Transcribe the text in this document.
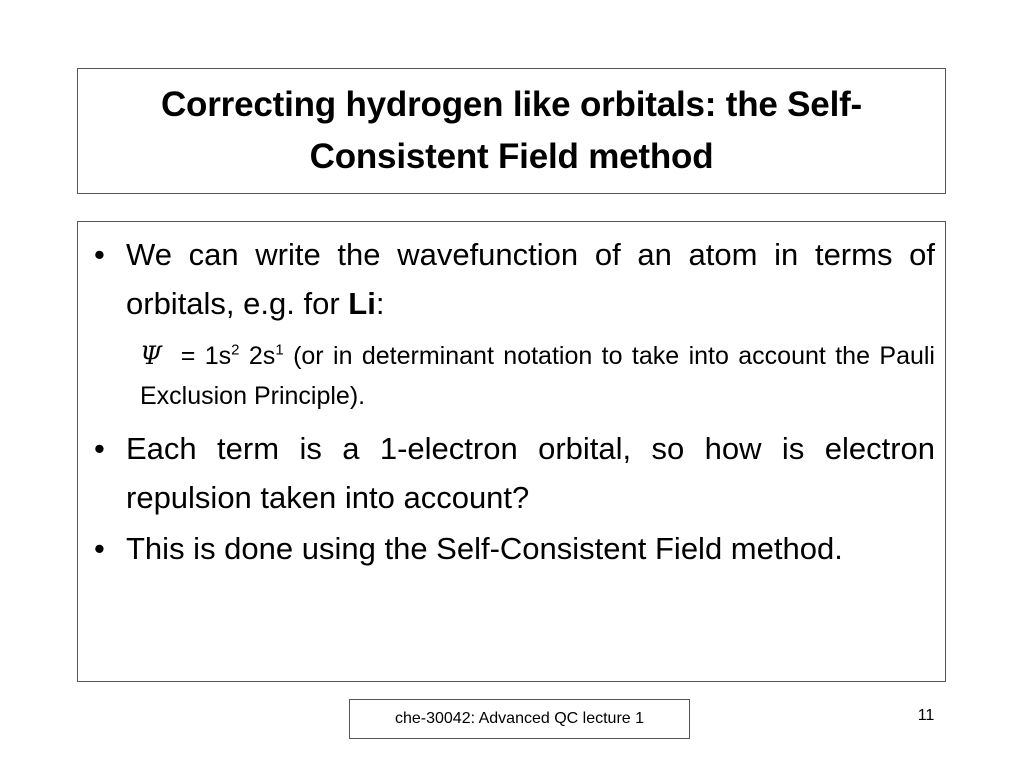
Correcting hydrogen like orbitals: the Self-Consistent Field method
• We can write the wavefunction of an atom in terms of orbitals, e.g. for Li:
$\Psi = 1s^2$ $2s^1$ (or in determinant notation to take into account the Pauli Exclusion Principle).
• Each term is a 1-electron orbital, so how is electron repulsion taken into account?
• This is done using the Self-Consistent Field method.
che-30042: Advanced QC lecture 1	11
